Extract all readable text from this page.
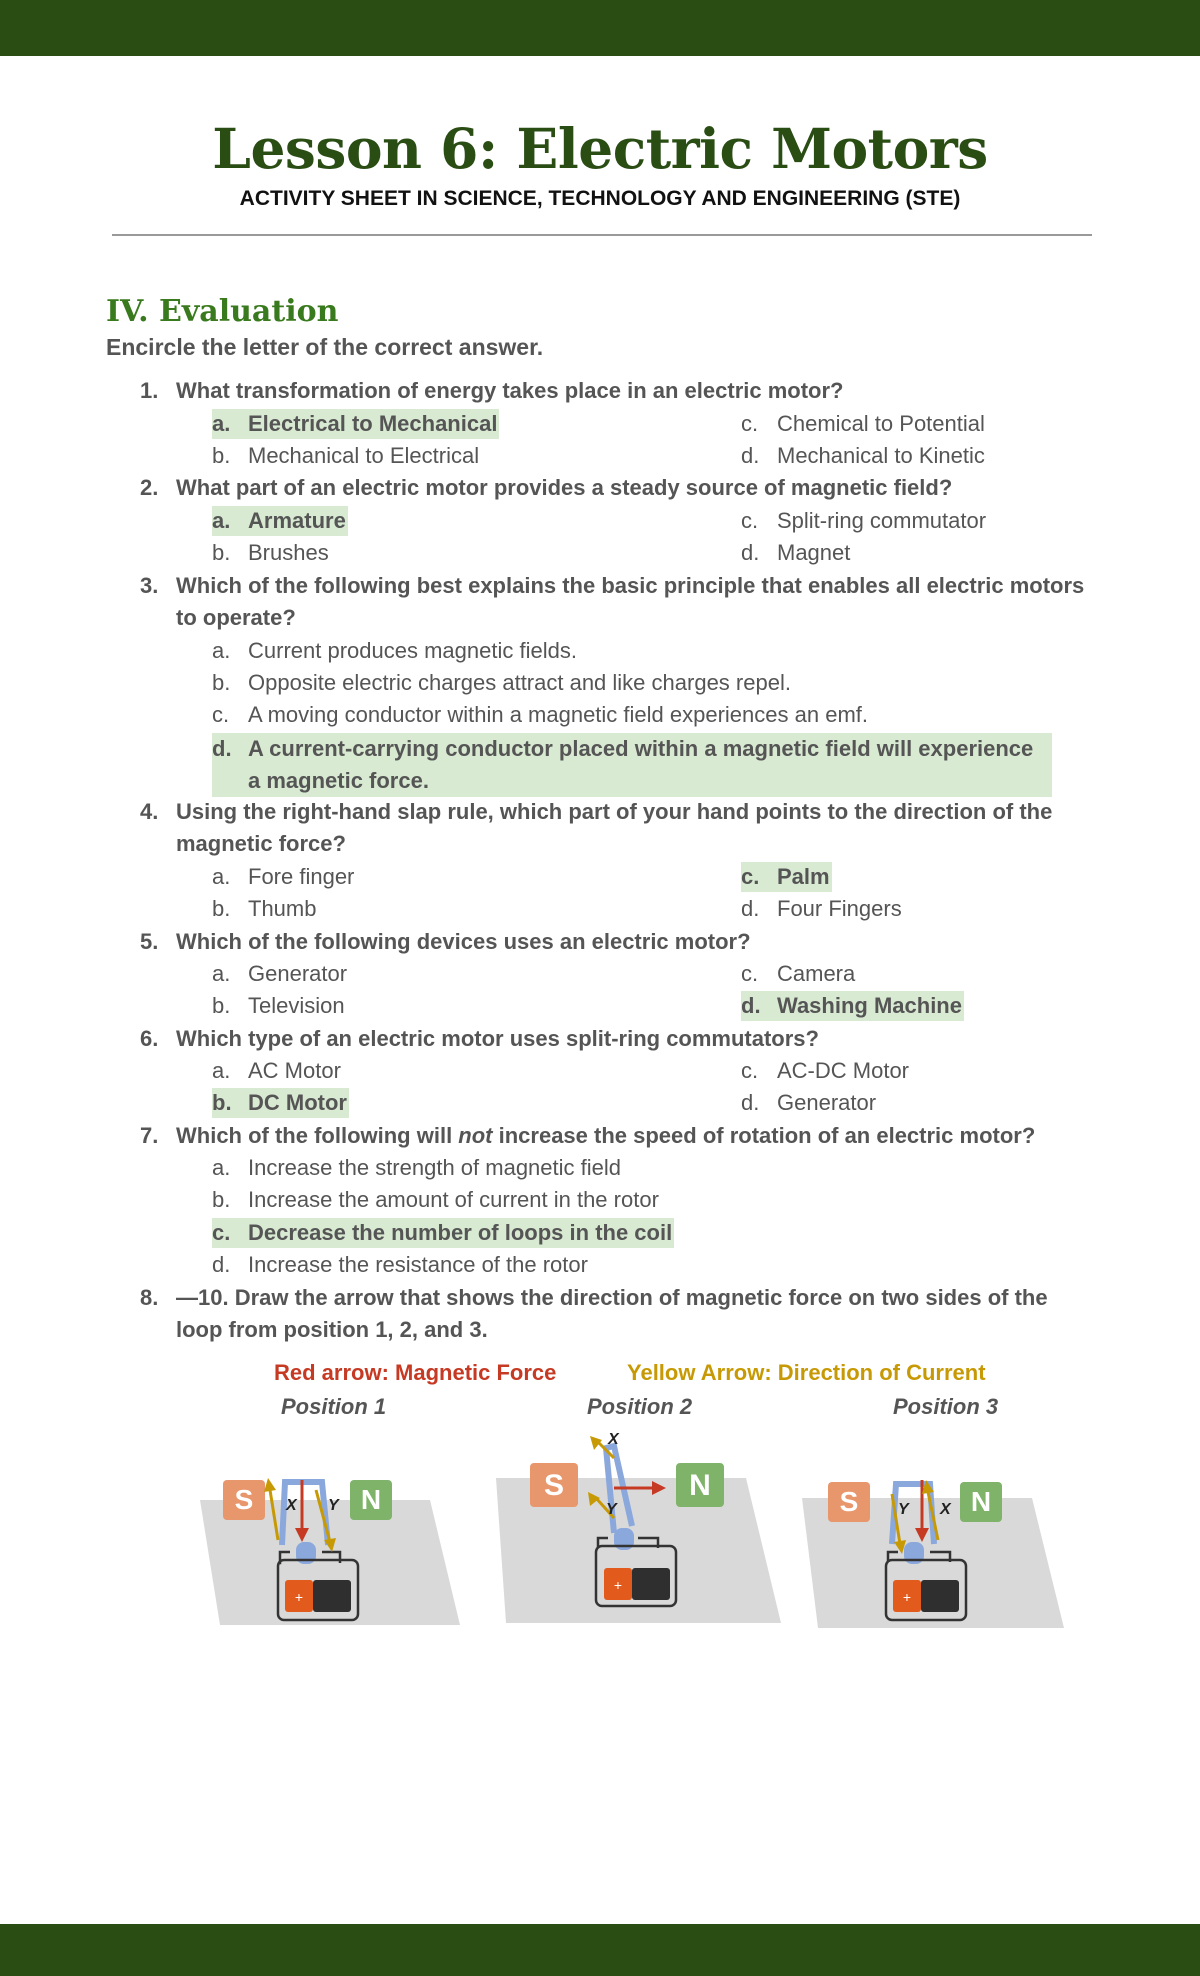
Lesson 6: Electric Motors
ACTIVITY SHEET IN SCIENCE, TECHNOLOGY AND ENGINEERING (STE)
IV. Evaluation
Encircle the letter of the correct answer.
1. What transformation of energy takes place in an electric motor?
a. Electrical to Mechanical
b. Mechanical to Electrical
c. Chemical to Potential
d. Mechanical to Kinetic
2. What part of an electric motor provides a steady source of magnetic field?
a. Armature
b. Brushes
c. Split-ring commutator
d. Magnet
3. Which of the following best explains the basic principle that enables all electric motors to operate?
a. Current produces magnetic fields.
b. Opposite electric charges attract and like charges repel.
c. A moving conductor within a magnetic field experiences an emf.
d. A current-carrying conductor placed within a magnetic field will experience a magnetic force.
4. Using the right-hand slap rule, which part of your hand points to the direction of the magnetic force?
a. Fore finger
b. Thumb
c. Palm
d. Four Fingers
5. Which of the following devices uses an electric motor?
a. Generator
b. Television
c. Camera
d. Washing Machine
6. Which type of an electric motor uses split-ring commutators?
a. AC Motor
b. DC Motor
c. AC-DC Motor
d. Generator
7. Which of the following will not increase the speed of rotation of an electric motor?
a. Increase the strength of magnetic field
b. Increase the amount of current in the rotor
c. Decrease the number of loops in the coil
d. Increase the resistance of the rotor
8. —10. Draw the arrow that shows the direction of magnetic force on two sides of the loop from position 1, 2, and 3.
Red arrow: Magnetic Force	Yellow Arrow: Direction of Current
Position 1	Position 2	Position 3
S	N
+
X Y
S	N
+
X
Y	S	N
+
Y X
